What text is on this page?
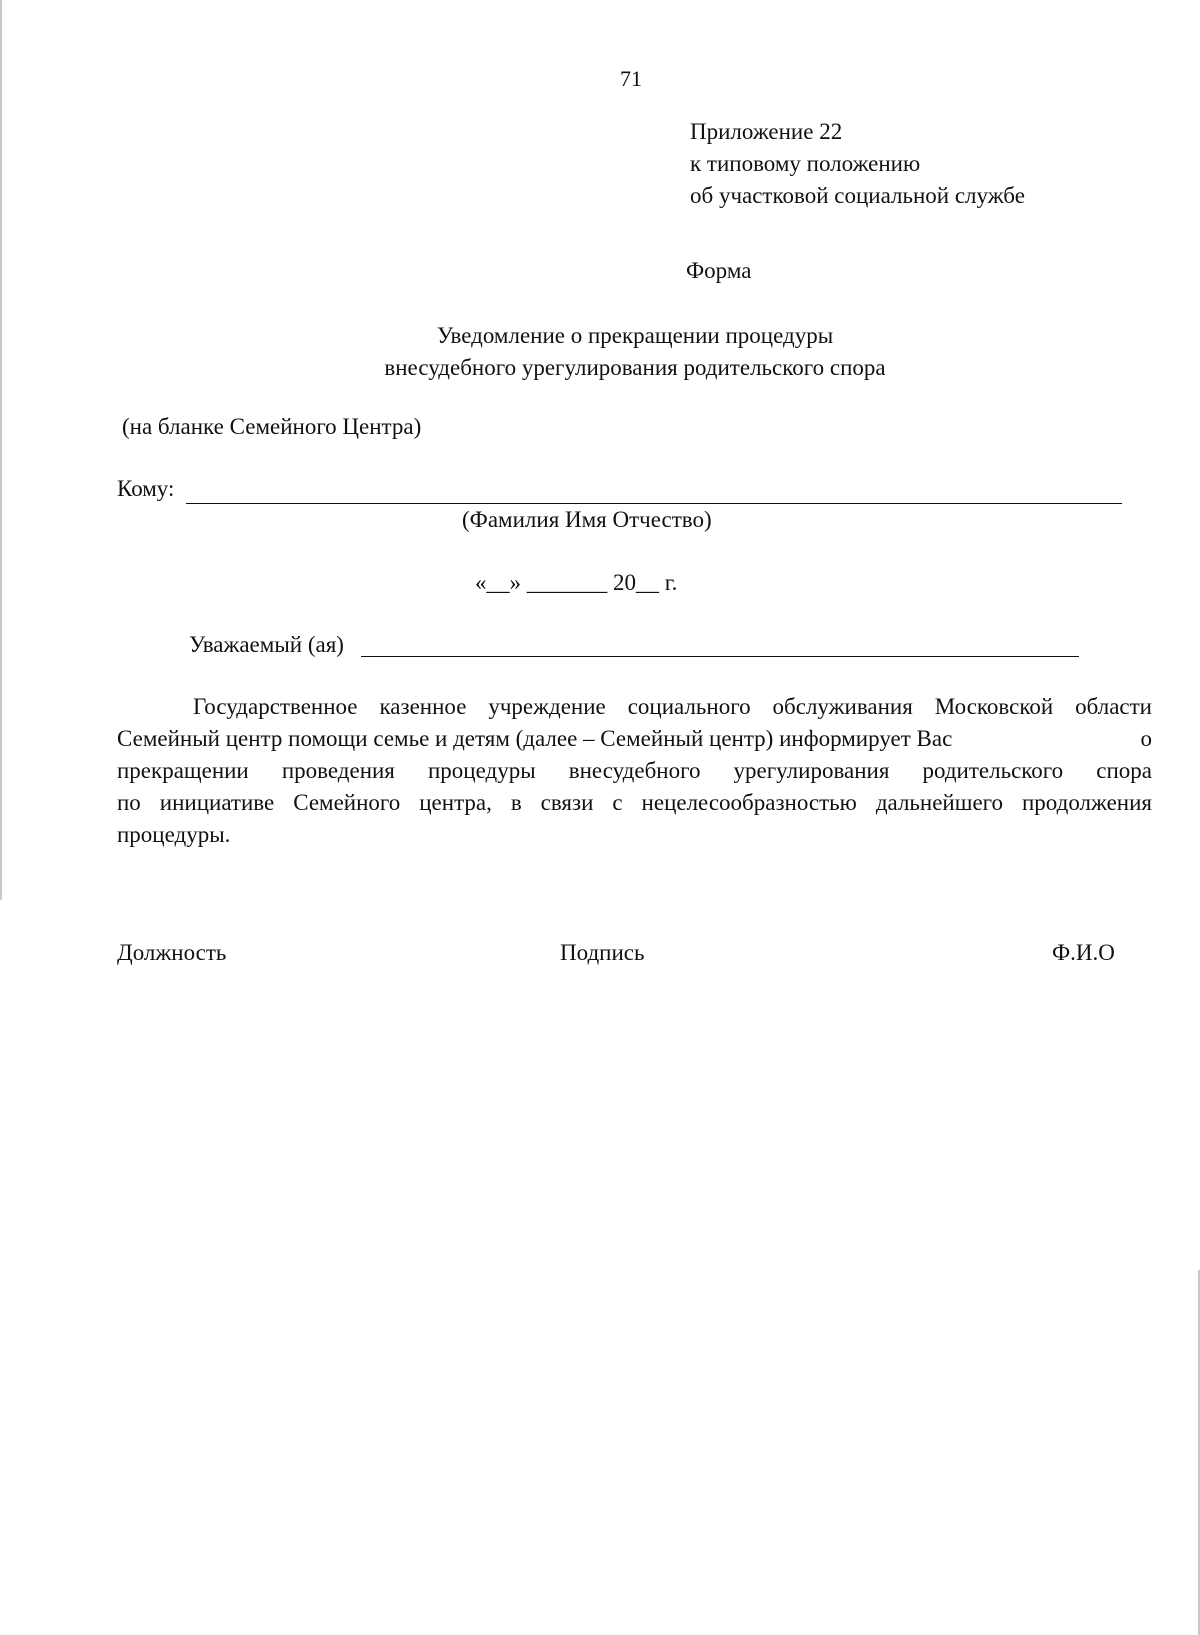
71
Приложение 22
к типовому положению
об участковой социальной службе
Форма
Уведомление о прекращении процедуры
внесудебного урегулирования родительского спора
(на бланке Семейного Центра)
Кому:
(Фамилия Имя Отчество)
«__» _______ 20__ г.
Уважаемый (ая)
Государственное казенное учреждение социального обслуживания Московской области
Семейный центр помощи семье и детям (далее – Семейный центр) информирует Вас	о
прекращении проведения процедуры внесудебного урегулирования родительского спора
по инициативе Семейного центра, в связи с нецелесообразностью дальнейшего продолжения
процедуры.
Должность	Подпись	Ф.И.О
